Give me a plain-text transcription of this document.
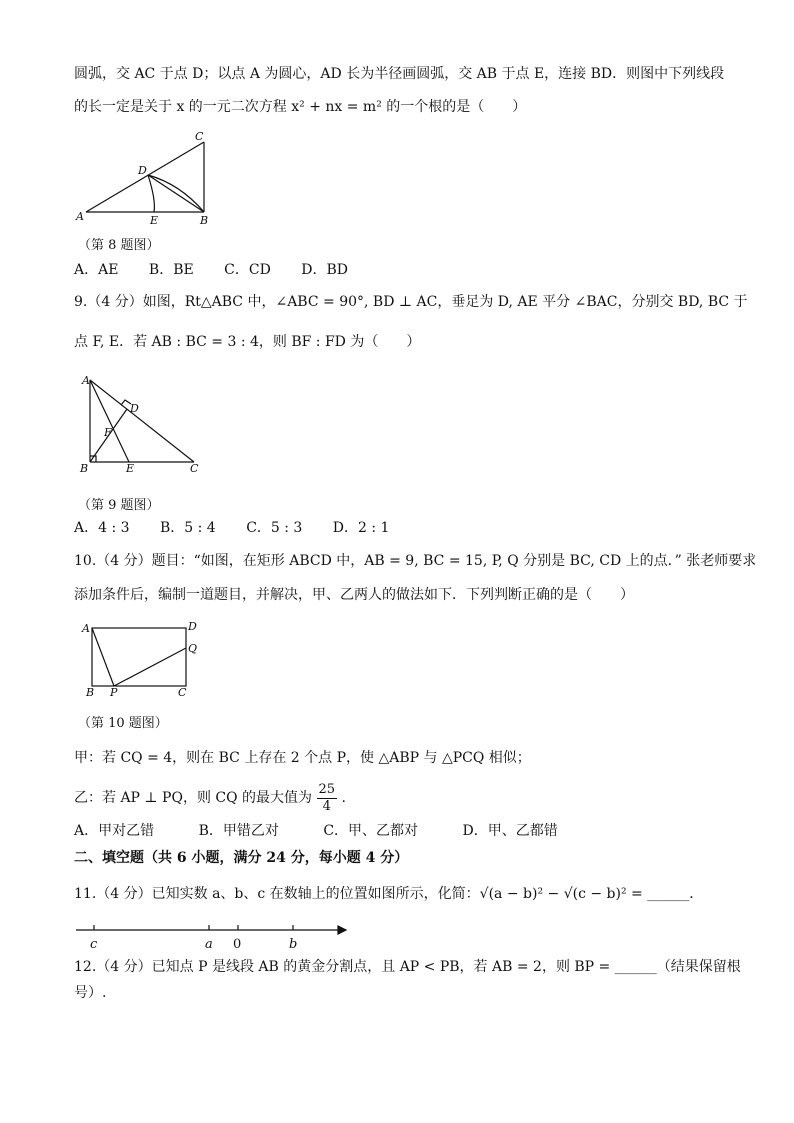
圆弧，交 AC 于点 D；以点 A 为圆心，AD 长为半径画圆弧，交 AB 于点 E，连接 BD．则图中下列线段
的长一定是关于 x 的一元二次方程 x² + nx = m² 的一个根的是（　　）
A	B
C
D
E
（第 8 题图）
A．AE B．BE C．CD D．BD
9.（4 分）如图，Rt△ABC 中，∠ABC = 90°, BD ⊥ AC，垂足为 D, AE 平分 ∠BAC，分别交 BD, BC 于
点 F, E．若 AB : BC = 3 : 4，则 BF : FD 为（　　）
A
B	C
D
E
F
（第 9 题图）
A．4 : 3 B．5 : 4 C．5 : 3 D．2 : 1
10.（4 分）题目：“如图，在矩形 ABCD 中，AB = 9, BC = 15, P, Q 分别是 BC, CD 上的点．” 张老师要求
添加条件后，编制一道题目，并解决，甲、乙两人的做法如下．下列判断正确的是（　　）
A
B	C
D
P
Q
（第 10 题图）
甲：若 CQ = 4，则在 BC 上存在 2 个点 P，使 △ABP 与 △PCQ 相似；
乙：若 AP ⊥ PQ，则 CQ 的最大值为 $\frac{25}{4}$ .
A．甲对乙错	B．甲错乙对	C．甲、乙都对	D．甲、乙都错
二、填空题（共 6 小题，满分 24 分，每小题 4 分）
11.（4 分）已知实数 a、b、c 在数轴上的位置如图所示，化简：√(a − b)² − √(c − b)² = ______．
c	a 0	b
12.（4 分）已知点 P 是线段 AB 的黄金分割点，且 AP < PB，若 AB = 2，则 BP = ______（结果保留根
号）.
